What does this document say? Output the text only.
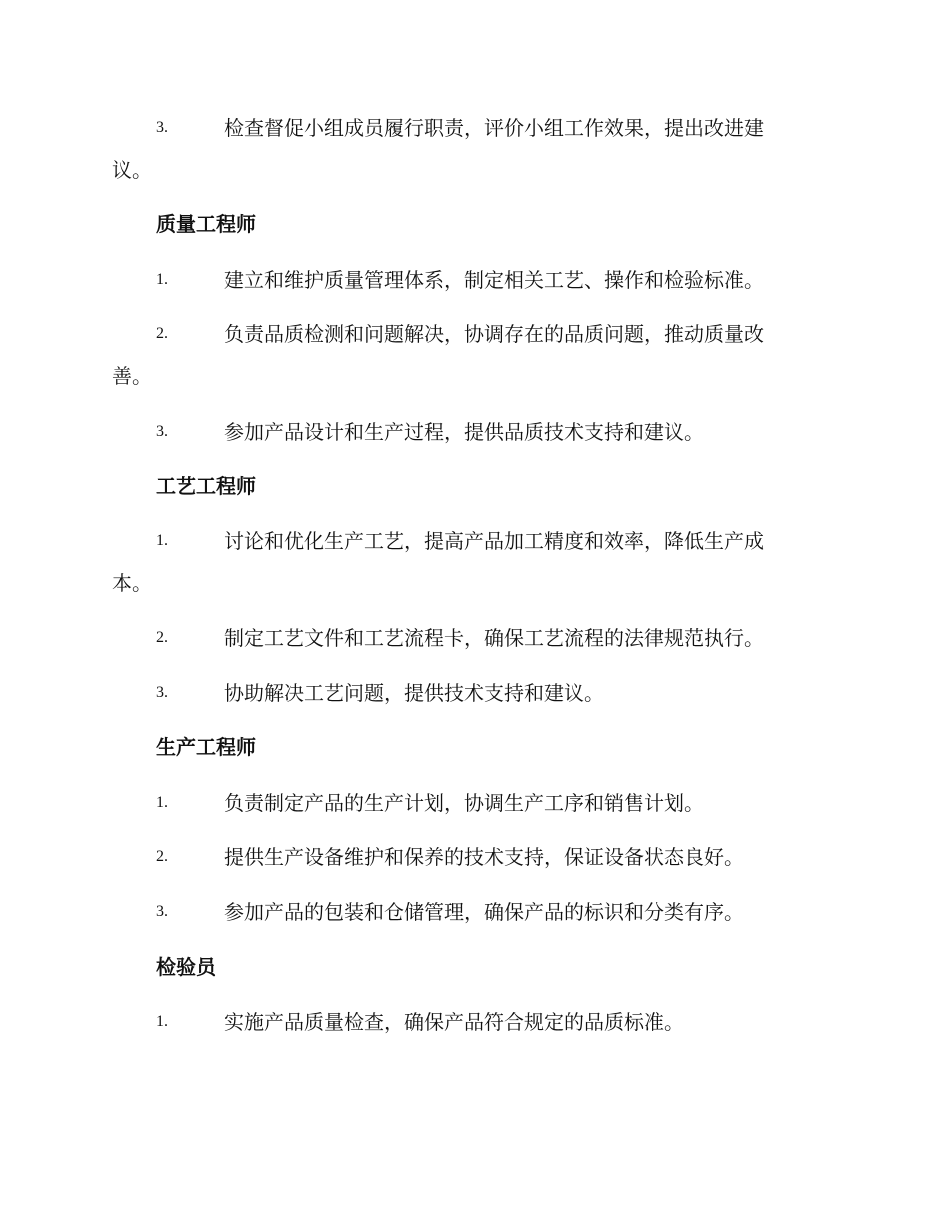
3.	检查督促小组成员履行职责，评价小组工作效果，提出改进建
议。
质量工程师
1.	建立和维护质量管理体系，制定相关工艺、操作和检验标准。
2.	负责品质检测和问题解决，协调存在的品质问题，推动质量改
善。
3.	参加产品设计和生产过程，提供品质技术支持和建议。
工艺工程师
1.	讨论和优化生产工艺，提高产品加工精度和效率，降低生产成
本。
2.	制定工艺文件和工艺流程卡，确保工艺流程的法律规范执行。
3.	协助解决工艺问题，提供技术支持和建议。
生产工程师
1.	负责制定产品的生产计划，协调生产工序和销售计划。
2.	提供生产设备维护和保养的技术支持，保证设备状态良好。
3.	参加产品的包装和仓储管理，确保产品的标识和分类有序。
检验员
1.	实施产品质量检查，确保产品符合规定的品质标准。
